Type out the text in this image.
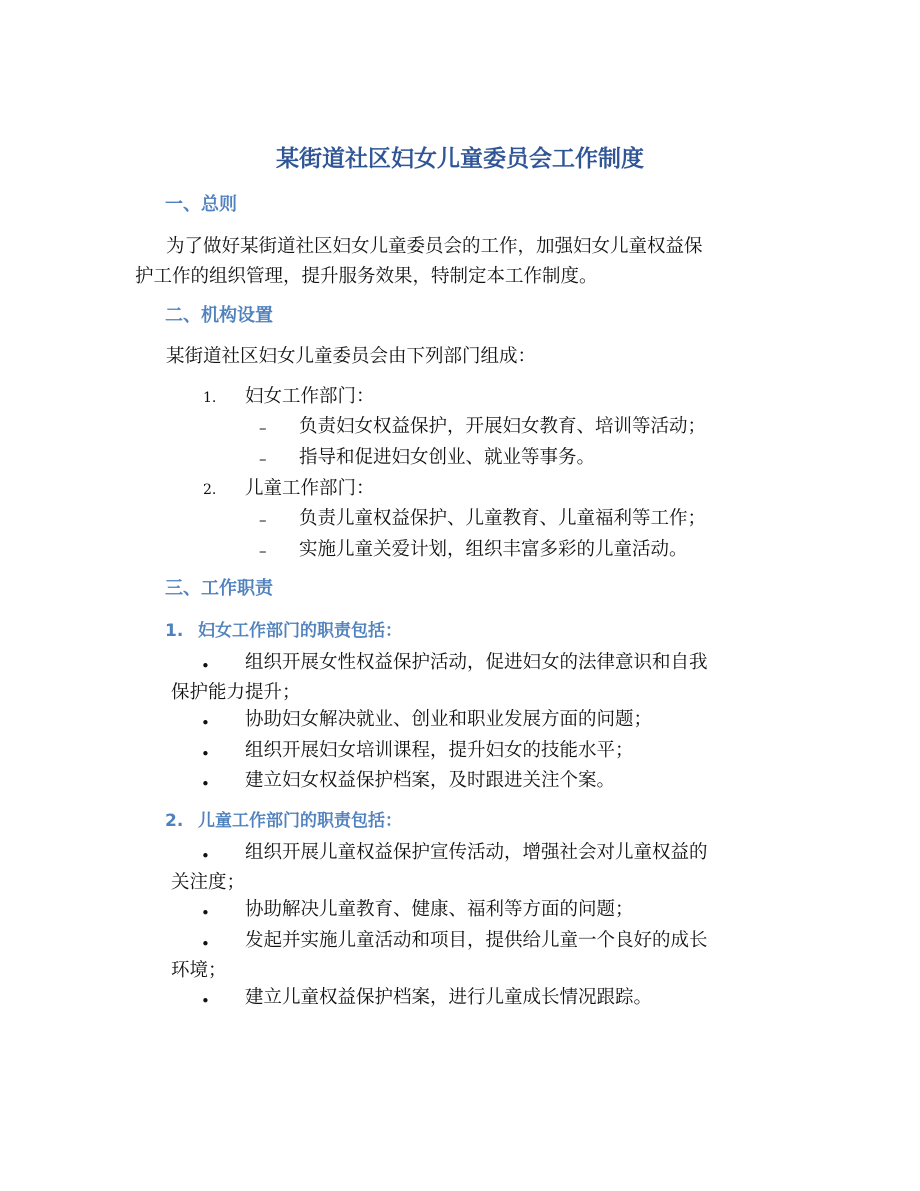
某街道社区妇女儿童委员会工作制度
一、总则
为了做好某街道社区妇女儿童委员会的工作，加强妇女儿童权益保
护工作的组织管理，提升服务效果，特制定本工作制度。
二、机构设置
某街道社区妇女儿童委员会由下列部门组成：
1. 妇女工作部门：
– 负责妇女权益保护，开展妇女教育、培训等活动；
– 指导和促进妇女创业、就业等事务。
2. 儿童工作部门：
– 负责儿童权益保护、儿童教育、儿童福利等工作；
– 实施儿童关爱计划，组织丰富多彩的儿童活动。
三、工作职责
1. 妇女工作部门的职责包括：
• 组织开展女性权益保护活动，促进妇女的法律意识和自我
保护能力提升；
• 协助妇女解决就业、创业和职业发展方面的问题；
• 组织开展妇女培训课程，提升妇女的技能水平；
• 建立妇女权益保护档案，及时跟进关注个案。
2. 儿童工作部门的职责包括：
• 组织开展儿童权益保护宣传活动，增强社会对儿童权益的
关注度；
• 协助解决儿童教育、健康、福利等方面的问题；
• 发起并实施儿童活动和项目，提供给儿童一个良好的成长
环境；
• 建立儿童权益保护档案，进行儿童成长情况跟踪。
